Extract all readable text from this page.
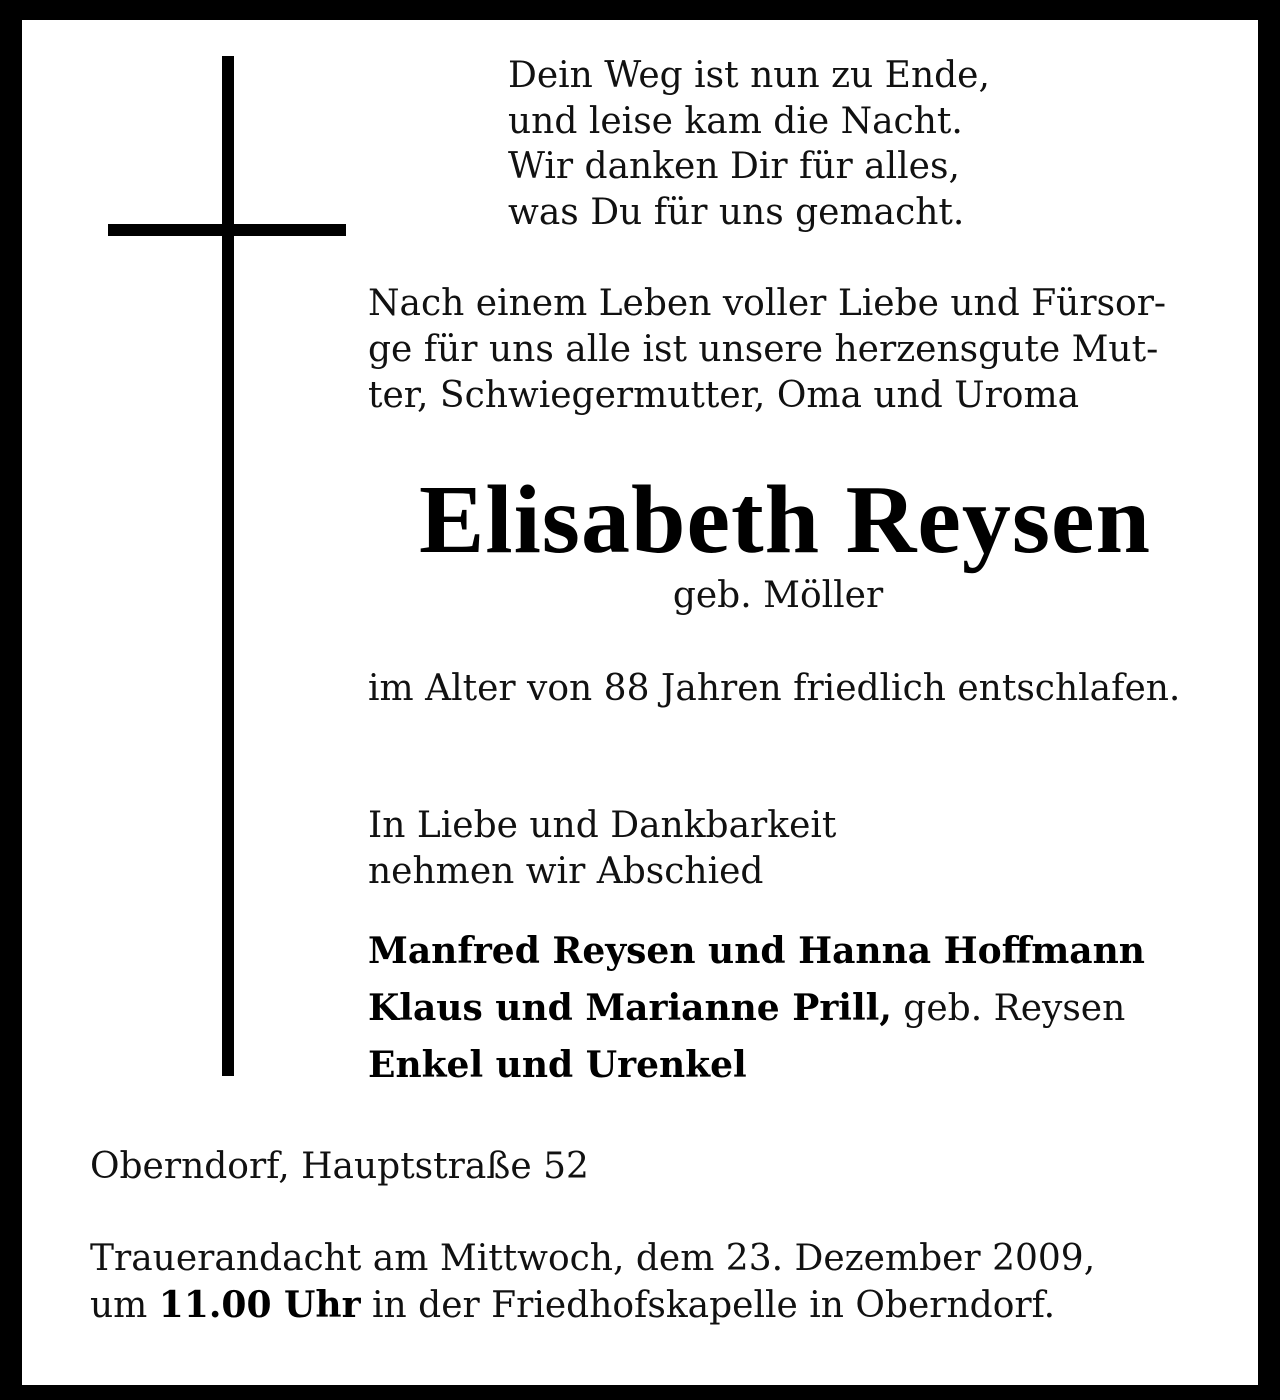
Dein Weg ist nun zu Ende,
und leise kam die Nacht.
Wir danken Dir für alles,
was Du für uns gemacht.

Nach einem Leben voller Liebe und Fürsor-
ge für uns alle ist unsere herzensgute Mut-
ter, Schwiegermutter, Oma und Uroma

Elisabeth Reysen
geb. Möller

im Alter von 88 Jahren friedlich entschlafen.

In Liebe und Dankbarkeit
nehmen wir Abschied

Manfred Reysen und Hanna Hoffmann
Klaus und Marianne Prill, geb. Reysen
Enkel und Urenkel

Oberndorf, Hauptstraße 52

Trauerandacht am Mittwoch, dem 23. Dezember 2009,
um 11.00 Uhr in der Friedhofskapelle in Oberndorf.
